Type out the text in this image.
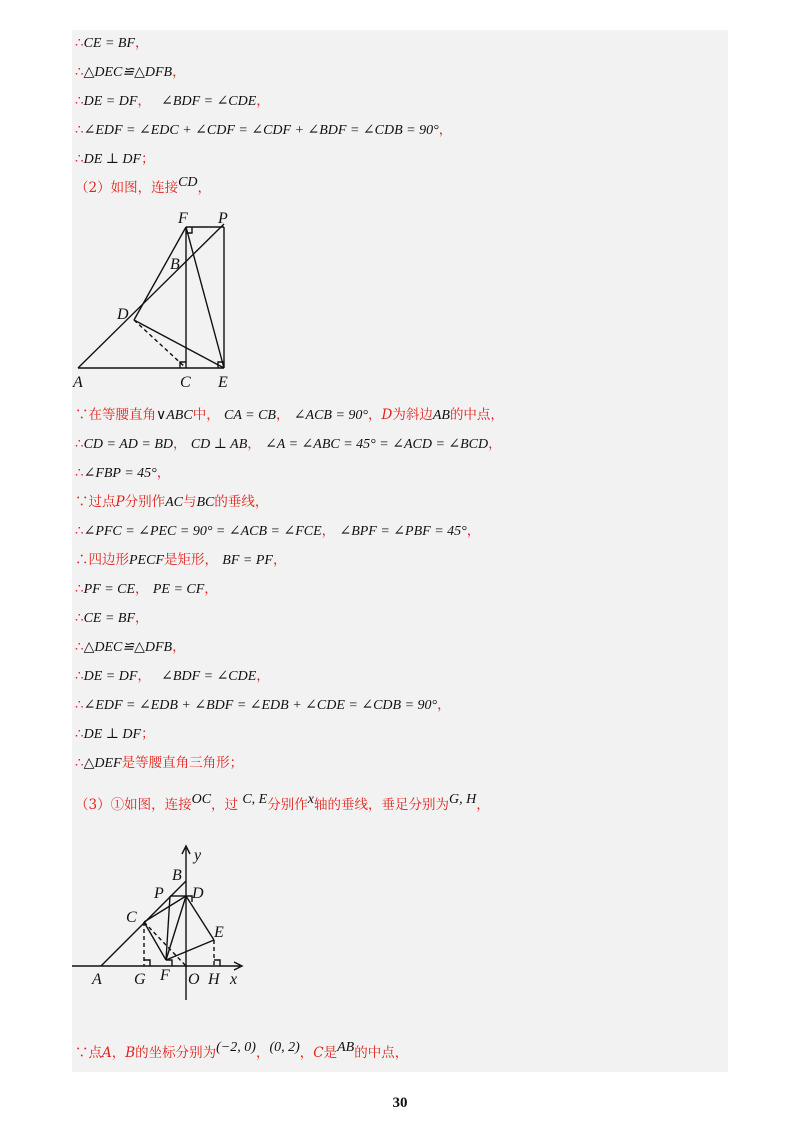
∴CE = BF，
∴△DEC≌△DFB，
∴DE = DF， ∠BDF = ∠CDE，
∴∠EDF = ∠EDC + ∠CDF = ∠CDF + ∠BDF = ∠CDB = 90°，
∴DE ⊥ DF；
（2）如图，连接CD，
F P
B
D
A	C E
∵在等腰直角∨ABC中， CA = CB， ∠ACB = 90°，D为斜边AB的中点，
∴CD = AD = BD， CD ⊥ AB， ∠A = ∠ABC = 45° = ∠ACD = ∠BCD，
∴∠FBP = 45°，
∵过点P分别作AC与BC的垂线，
∴∠PFC = ∠PEC = 90° = ∠ACB = ∠FCE， ∠BPF = ∠PBF = 45°，
∴四边形PECF是矩形， BF = PF，
∴PF = CE， PE = CF，
∴CE = BF，
∴△DEC≌△DFB，
∴DE = DF， ∠BDF = ∠CDE，
∴∠EDF = ∠EDB + ∠BDF = ∠EDB + ∠CDE = ∠CDB = 90°，
∴DE ⊥ DF；
∴△DEF是等腰直角三角形；
（3）①如图，连接OC，过 C, E分别作x轴的垂线，垂足分别为G, H，
y
B
P D
C
E
A G F O H x
∵点A，B的坐标分别为(−2, 0)，(0, 2)，C是AB的中点，
30
